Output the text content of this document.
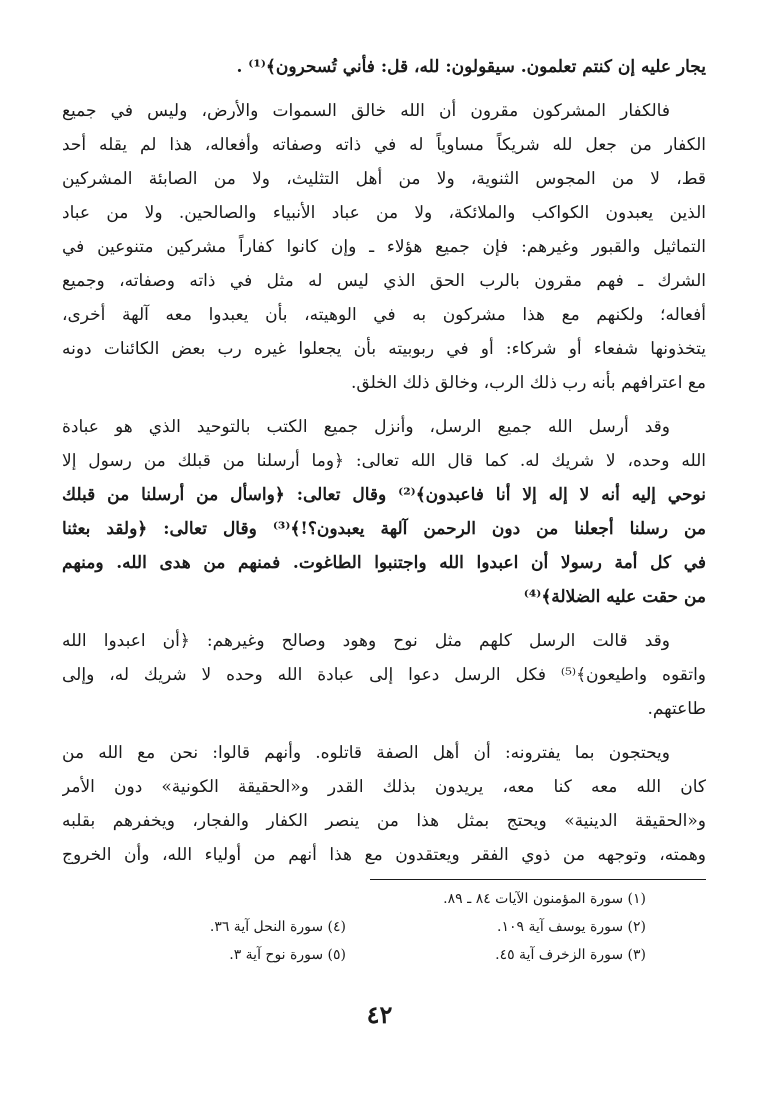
يجار عليه إن كنتم تعلمون. سيقولون: لله، قل: فأني تُسحرون﴾⁽¹⁾ .
فالكفار المشركون مقرون أن الله خالق السموات والأرض، وليس في جميع
الكفار من جعل لله شريكاً مساوياً له في ذاته وصفاته وأفعاله، هذا لم يقله أحد
قط، لا من المجوس الثنوية، ولا من أهل التثليث، ولا من الصابئة المشركين
الذين يعبدون الكواكب والملائكة، ولا من عباد الأنبياء والصالحين. ولا من عباد
التماثيل والقبور وغيرهم: فإن جميع هؤلاء ـ وإن كانوا كفاراً مشركين متنوعين في
الشرك ـ فهم مقرون بالرب الحق الذي ليس له مثل في ذاته وصفاته، وجميع
أفعاله؛ ولكنهم مع هذا مشركون به في الوهيته، بأن يعبدوا معه آلهة أخرى،
يتخذونها شفعاء أو شركاء: أو في ربوبيته بأن يجعلوا غيره رب بعض الكائنات دونه
مع اعترافهم بأنه رب ذلك الرب، وخالق ذلك الخلق.
وقد أرسل الله جميع الرسل، وأنزل جميع الكتب بالتوحيد الذي هو عبادة
الله وحده، لا شريك له. كما قال الله تعالى: ﴿وما أرسلنا من قبلك من رسول إلا
نوحي إليه أنه لا إله إلا أنا فاعبدون﴾⁽²⁾ وقال تعالى: ﴿واسأل من أرسلنا من قبلك
من رسلنا أجعلنا من دون الرحمن آلهة يعبدون؟!﴾⁽³⁾ وقال تعالى: ﴿ولقد بعثنا
في كل أمة رسولا أن اعبدوا الله واجتنبوا الطاغوت. فمنهم من هدى الله. ومنهم
من حقت عليه الضلالة﴾⁽⁴⁾
وقد قالت الرسل كلهم مثل نوح وهود وصالح وغيرهم: ﴿أن اعبدوا الله
واتقوه واطيعون﴾⁽⁵⁾ فكل الرسل دعوا إلى عبادة الله وحده لا شريك له، وإلى
طاعتهم.
ويحتجون بما يفترونه: أن أهل الصفة قاتلوه. وأنهم قالوا: نحن مع الله من
كان الله معه كنا معه، يريدون بذلك القدر و«الحقيقة الكونية» دون الأمر
و«الحقيقة الدينية» ويحتج بمثل هذا من ينصر الكفار والفجار، ويخفرهم بقلبه
وهمته، وتوجهه من ذوي الفقر ويعتقدون مع هذا أنهم من أولياء الله، وأن الخروج
(١) سورة المؤمنون الآيات ٨٤ ـ ٨٩.
(٢) سورة يوسف آية ١٠٩.
(٤) سورة النحل آية ٣٦.
(٣) سورة الزخرف آية ٤٥.
(٥) سورة نوح آية ٣.
٤٢
